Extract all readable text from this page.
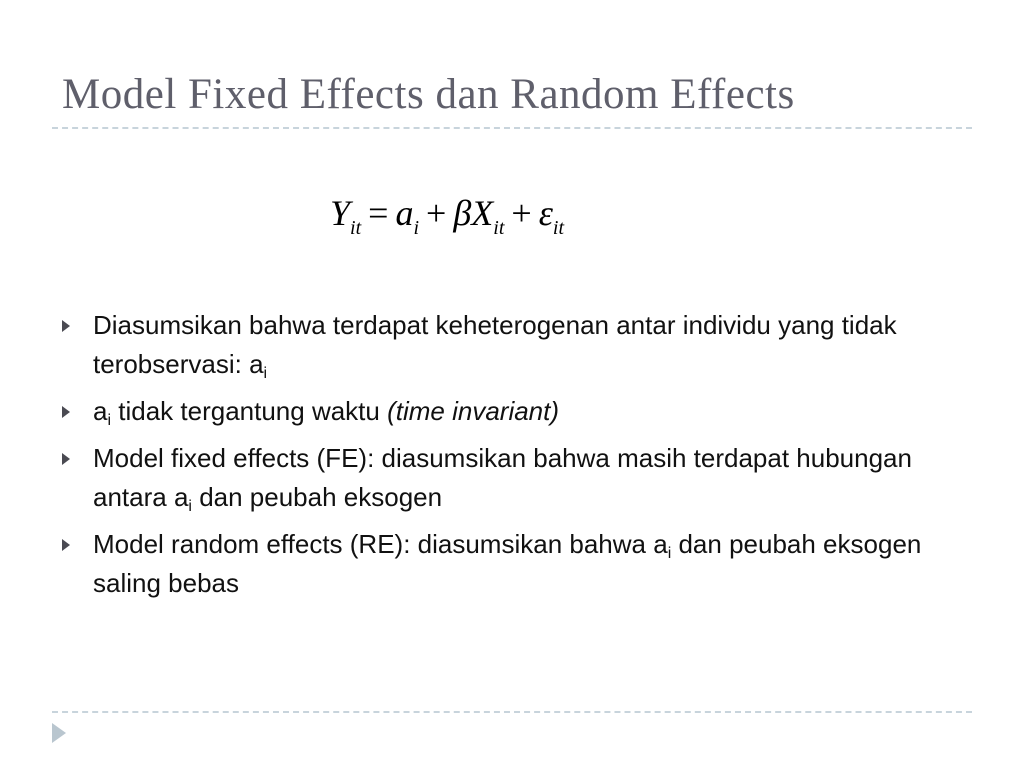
Model Fixed Effects dan Random Effects
$Y_{it} = a_i + \beta X_{it} + \varepsilon_{it}$
Diasumsikan bahwa terdapat keheterogenan antar individu yang tidak terobservasi: $a_i$
$a_i$ tidak tergantung waktu (time invariant)
Model fixed effects (FE): diasumsikan bahwa masih terdapat hubungan antara $a_i$ dan peubah eksogen
Model random effects (RE): diasumsikan bahwa $a_i$ dan peubah eksogen saling bebas
